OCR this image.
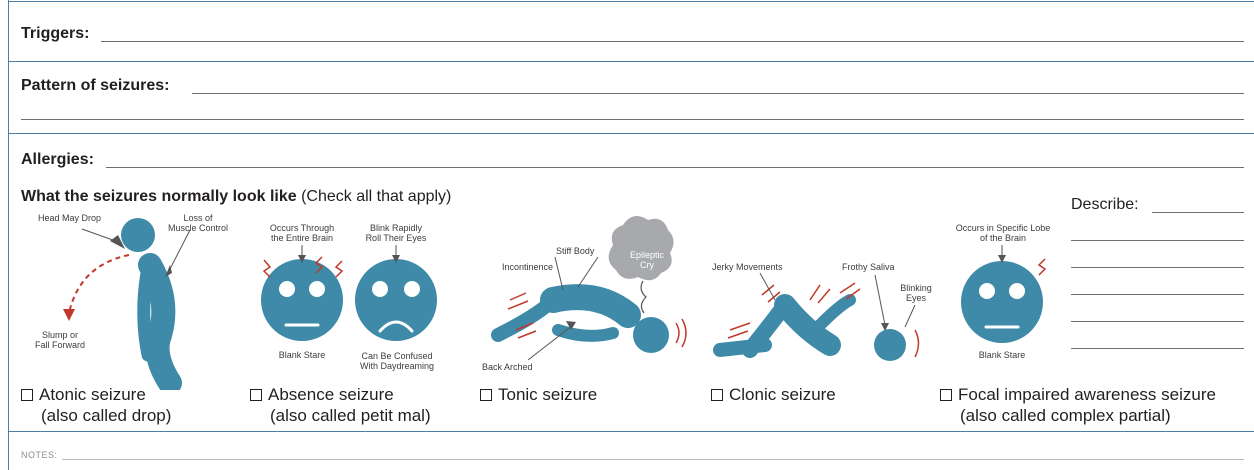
Triggers:
Pattern of seizures:
Allergies:
What the seizures normally look like (Check all that apply)
Head May Drop	Loss of
Muscle Control
Slump or
Fall Forward
Occurs Through
the Entire Brain
Blink Rapidly
Roll Their Eyes
Blank Stare	Can Be Confused
With Daydreaming
Incontinence
Stiff Body	Epileptic
Cry
Back Arched
Jerky Movements	Frothy Saliva
Blinking
Eyes
Occurs in Specific Lobe
of the Brain
Blank Stare
Describe:
Atonic seizure
(also called drop)
Absence seizure
(also called petit mal)
Tonic seizure	Clonic seizure	Focal impaired awareness seizure
(also called complex partial)
NOTES:
